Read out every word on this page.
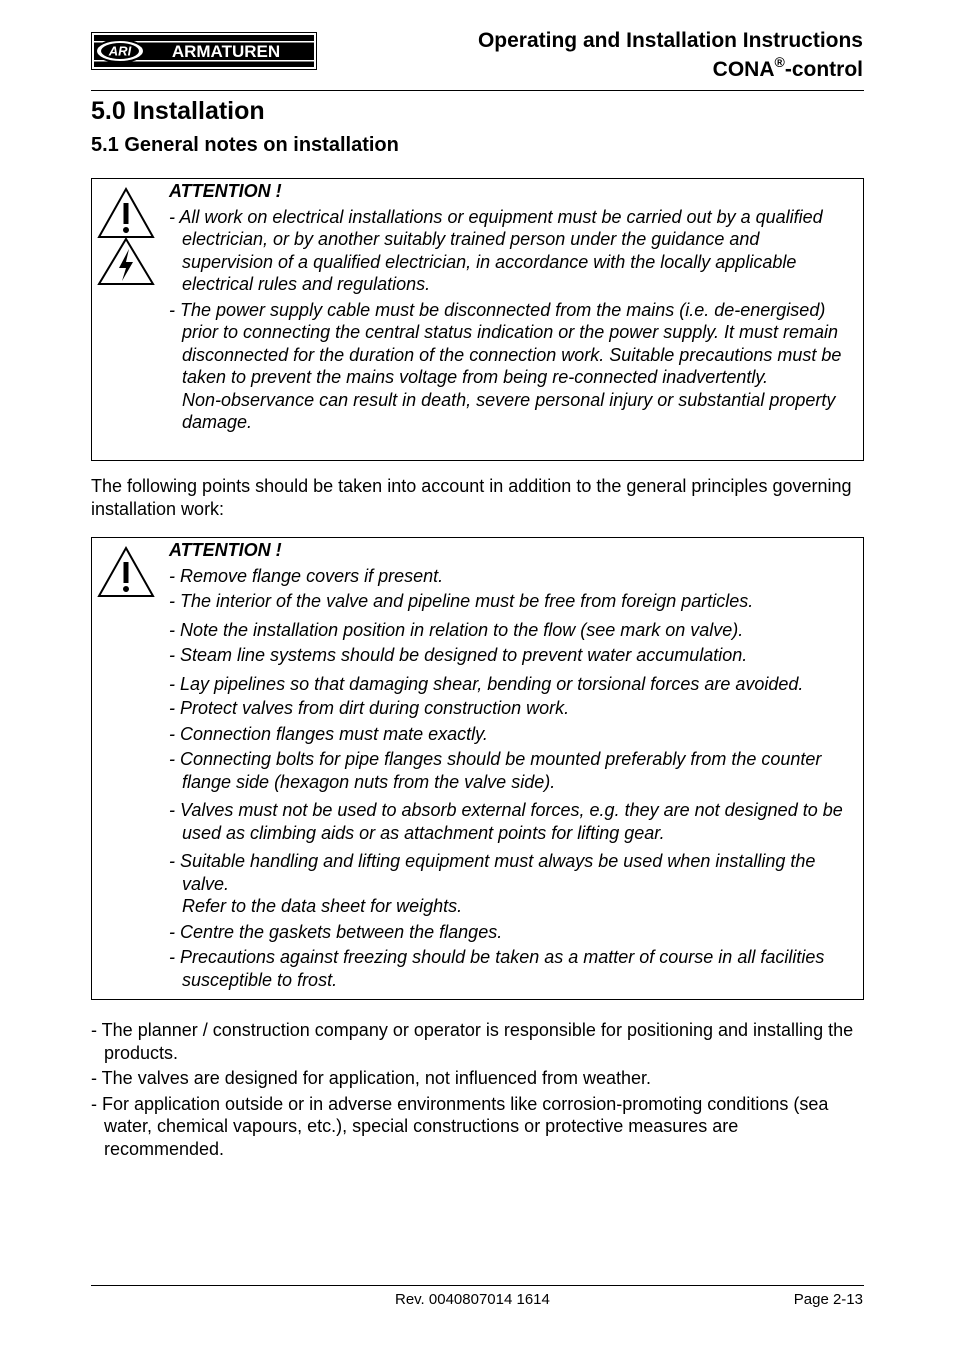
ARI ARMATUREN	Operating and Installation Instructions
CONA®-control
5.0 Installation
5.1 General notes on installation
ATTENTION !
- All work on electrical installations or equipment must be carried out by a qualified electrician, or by another suitably trained person under the guidance and supervision of a qualified electrician, in accordance with the locally applicable electrical rules and regulations.
- The power supply cable must be disconnected from the mains (i.e. de-energised) prior to connecting the central status indication or the power supply. It must remain disconnected for the duration of the connection work. Suitable precautions must be taken to prevent the mains voltage from being re-connected inadvertently.
Non-observance can result in death, severe personal injury or substantial property damage.
The following points should be taken into account in addition to the general principles governing installation work:
ATTENTION !
- Remove flange covers if present.
- The interior of the valve and pipeline must be free from foreign particles.
- Note the installation position in relation to the flow (see mark on valve).
- Steam line systems should be designed to prevent water accumulation.
- Lay pipelines so that damaging shear, bending or torsional forces are avoided.
- Protect valves from dirt during construction work.
- Connection flanges must mate exactly.
- Connecting bolts for pipe flanges should be mounted preferably from the counter flange side (hexagon nuts from the valve side).
- Valves must not be used to absorb external forces, e.g. they are not designed to be used as climbing aids or as attachment points for lifting gear.
- Suitable handling and lifting equipment must always be used when installing the valve.
Refer to the data sheet for weights.
- Centre the gaskets between the flanges.
- Precautions against freezing should be taken as a matter of course in all facilities susceptible to frost.
- The planner / construction company or operator is responsible for positioning and installing the products.
- The valves are designed for application, not influenced from weather.
- For application outside or in adverse environments like corrosion-promoting conditions (sea water, chemical vapours, etc.), special constructions or protective measures are recommended.
Rev. 0040807014 1614	Page 2-13
